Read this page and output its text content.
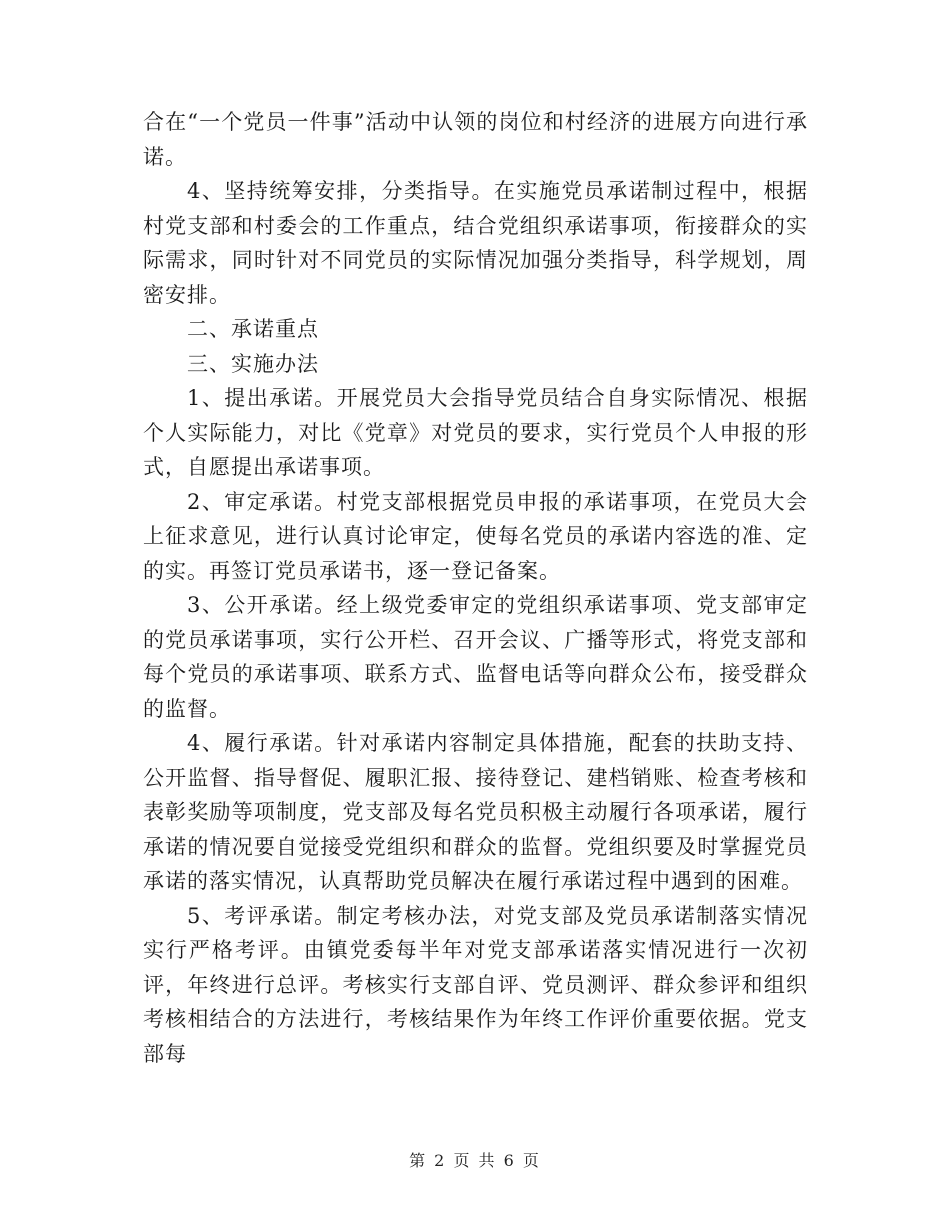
合在“一个党员一件事”活动中认领的岗位和村经济的进展方向进行承诺。

4、坚持统筹安排，分类指导。在实施党员承诺制过程中，根据村党支部和村委会的工作重点，结合党组织承诺事项，衔接群众的实际需求，同时针对不同党员的实际情况加强分类指导，科学规划，周密安排。

二、承诺重点

三、实施办法

1、提出承诺。开展党员大会指导党员结合自身实际情况、根据个人实际能力，对比《党章》对党员的要求，实行党员个人申报的形式，自愿提出承诺事项。

2、审定承诺。村党支部根据党员申报的承诺事项，在党员大会上征求意见，进行认真讨论审定，使每名党员的承诺内容选的准、定的实。再签订党员承诺书，逐一登记备案。

3、公开承诺。经上级党委审定的党组织承诺事项、党支部审定的党员承诺事项，实行公开栏、召开会议、广播等形式，将党支部和每个党员的承诺事项、联系方式、监督电话等向群众公布，接受群众的监督。

4、履行承诺。针对承诺内容制定具体措施，配套的扶助支持、公开监督、指导督促、履职汇报、接待登记、建档销账、检查考核和表彰奖励等项制度，党支部及每名党员积极主动履行各项承诺，履行承诺的情况要自觉接受党组织和群众的监督。党组织要及时掌握党员承诺的落实情况，认真帮助党员解决在履行承诺过程中遇到的困难。

5、考评承诺。制定考核办法，对党支部及党员承诺制落实情况实行严格考评。由镇党委每半年对党支部承诺落实情况进行一次初评，年终进行总评。考核实行支部自评、党员测评、群众参评和组织考核相结合的方法进行，考核结果作为年终工作评价重要依据。党支部每

第 2 页 共 6 页
